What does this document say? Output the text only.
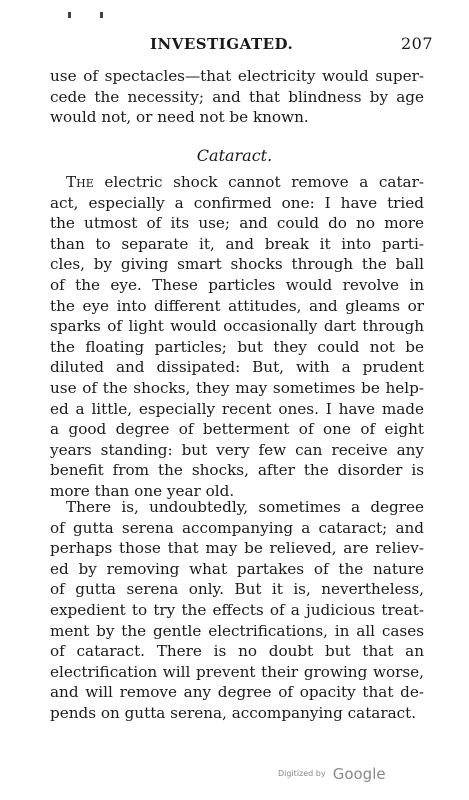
INVESTIGATED.	207
use of spectacles—that electricity would super-
cede the necessity; and that blindness by age
would not, or need not be known.
Cataract.
The electric shock cannot remove a catar-
act, especially a confirmed one: I have tried
the utmost of its use; and could do no more
than to separate it, and break it into parti-
cles, by giving smart shocks through the ball
of the eye. These particles would revolve in
the eye into different attitudes, and gleams or
sparks of light would occasionally dart through
the floating particles; but they could not be
diluted and dissipated: But, with a prudent
use of the shocks, they may sometimes be help-
ed a little, especially recent ones. I have made
a good degree of betterment of one of eight
years standing: but very few can receive any
benefit from the shocks, after the disorder is
more than one year old.
There is, undoubtedly, sometimes a degree
of gutta serena accompanying a cataract; and
perhaps those that may be relieved, are reliev-
ed by removing what partakes of the nature
of gutta serena only. But it is, nevertheless,
expedient to try the effects of a judicious treat-
ment by the gentle electrifications, in all cases
of cataract. There is no doubt but that an
electrification will prevent their growing worse,
and will remove any degree of opacity that de-
pends on gutta serena, accompanying cataract.
Digitized by Google
